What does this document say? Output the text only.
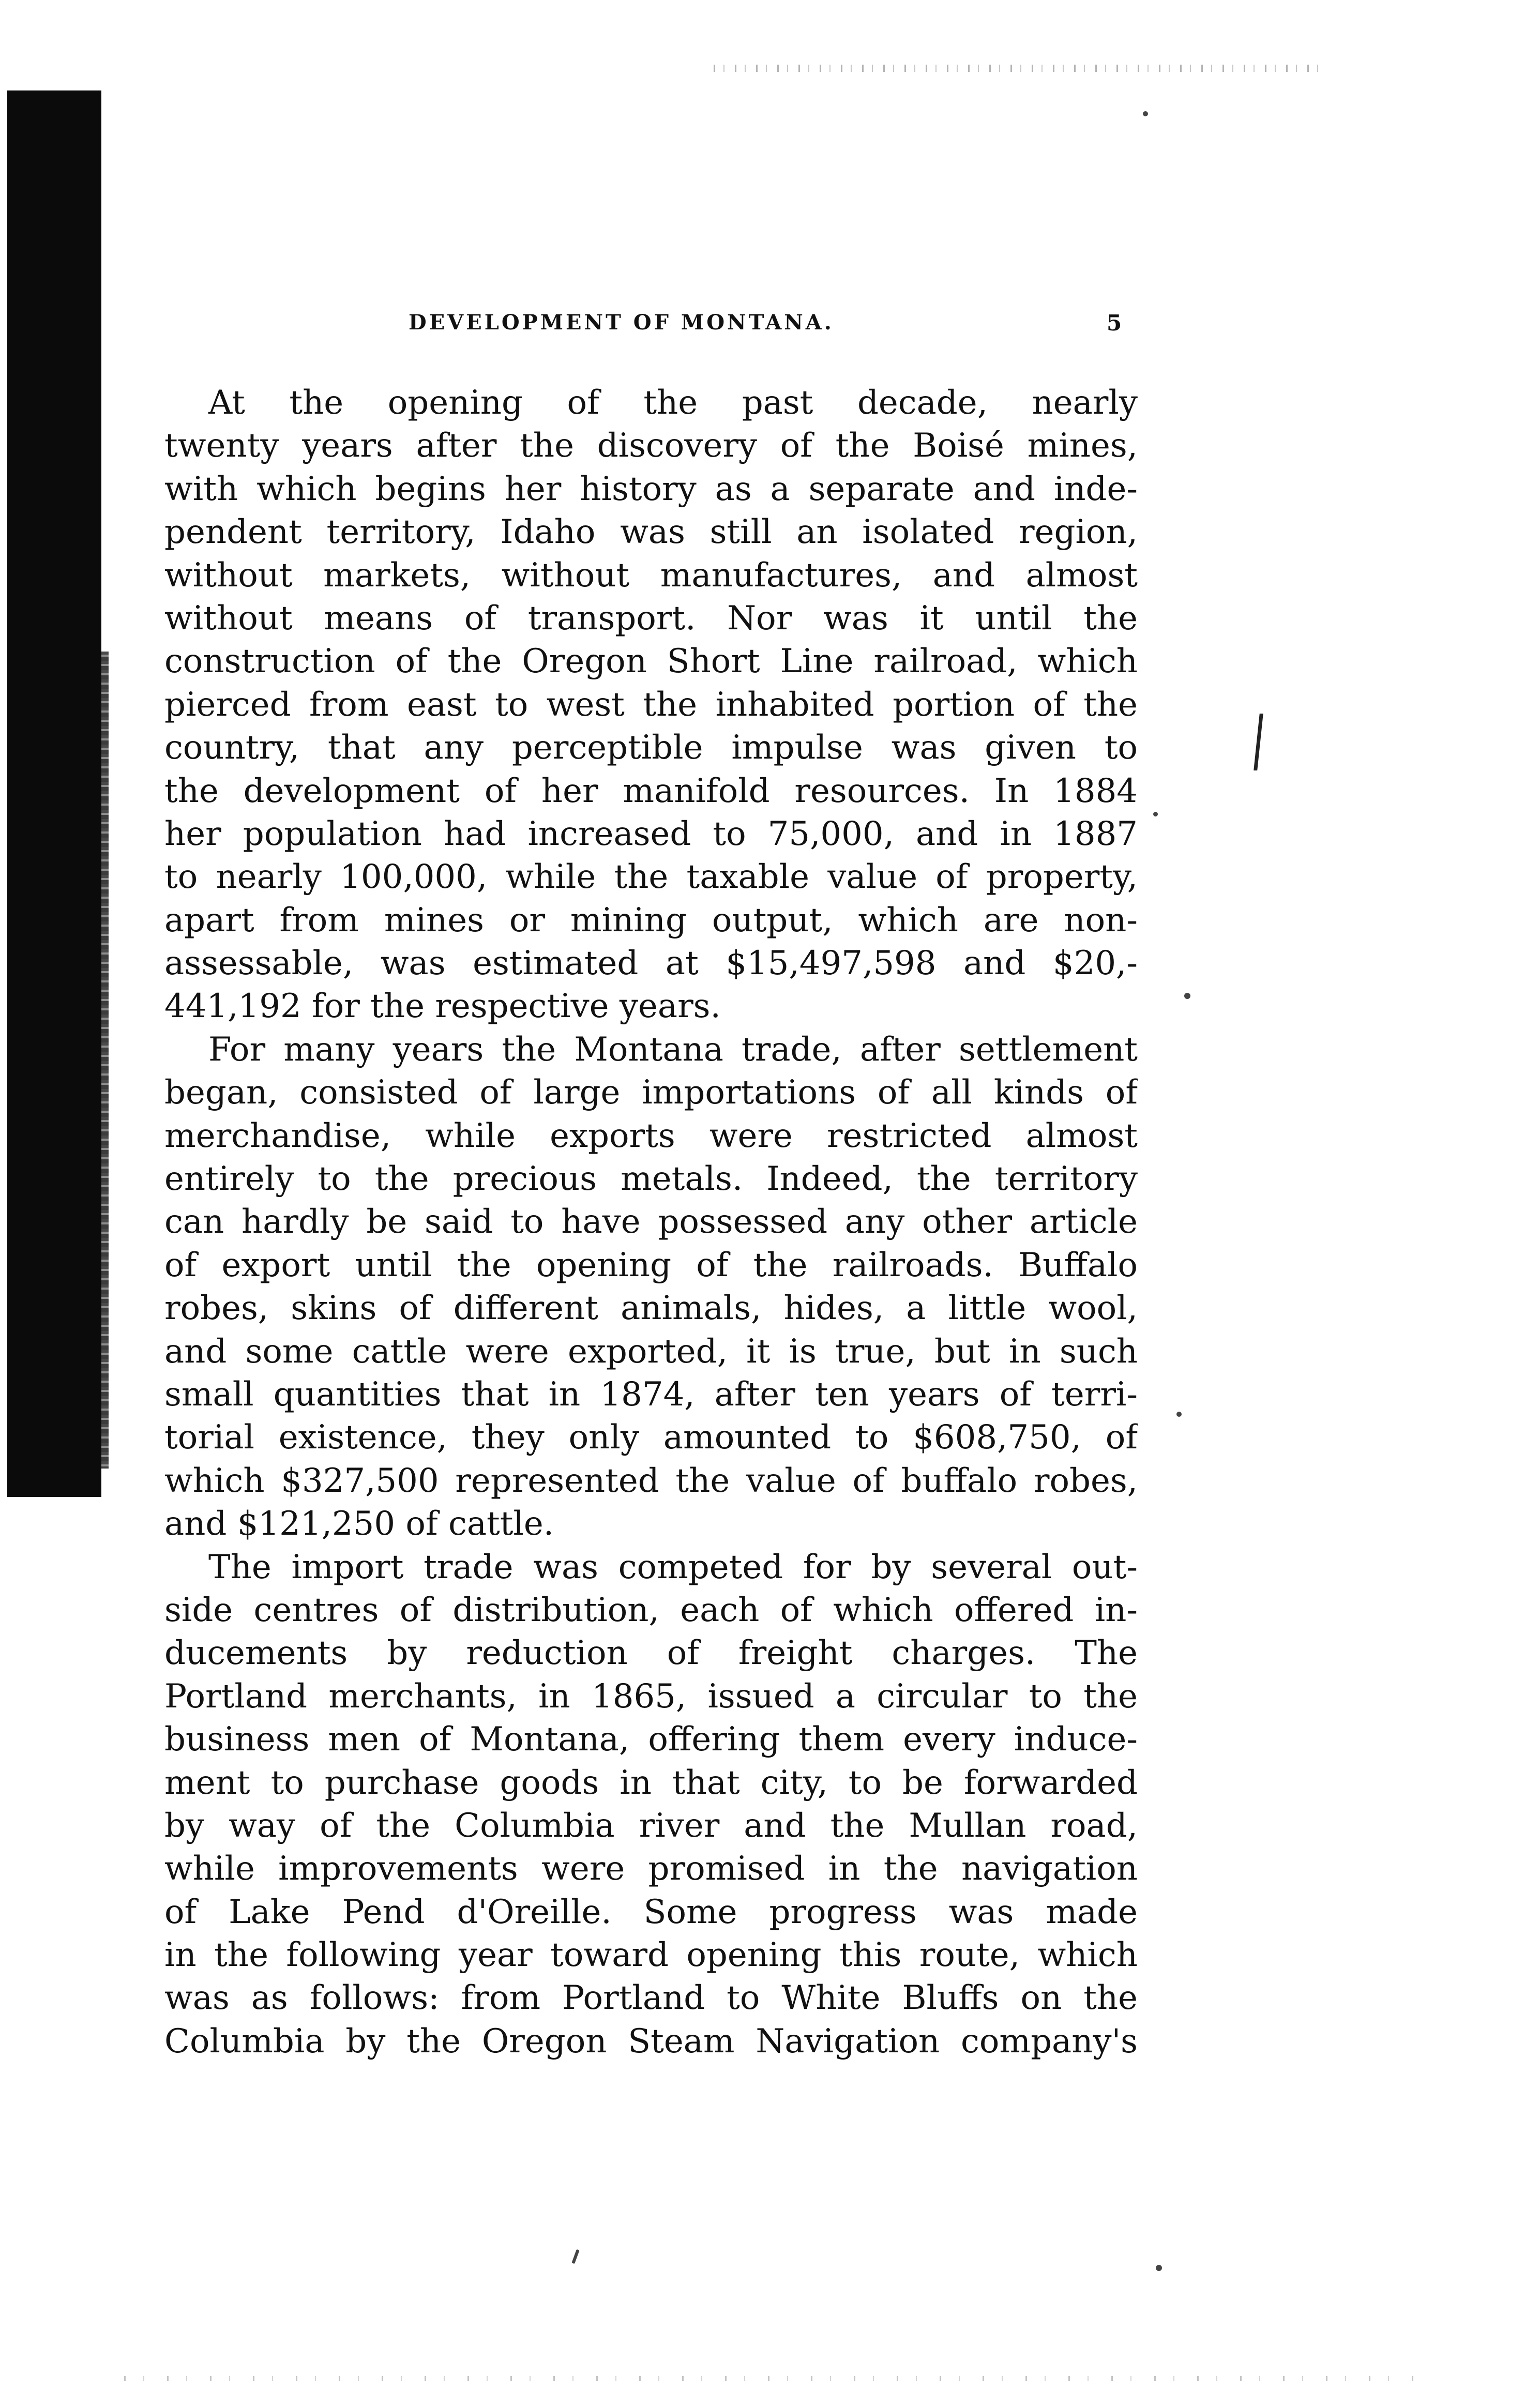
DEVELOPMENT OF MONTANA.	5
At the opening of the past decade, nearly
twenty years after the discovery of the Boisé mines,
with which begins her history as a separate and inde-
pendent territory, Idaho was still an isolated region,
without markets, without manufactures, and almost
without means of transport. Nor was it until the
construction of the Oregon Short Line railroad, which
pierced from east to west the inhabited portion of the
country, that any perceptible impulse was given to
the development of her manifold resources. In 1884
her population had increased to 75,000, and in 1887
to nearly 100,000, while the taxable value of property,
apart from mines or mining output, which are non-
assessable, was estimated at $15,497,598 and $20,-
441,192 for the respective years.
For many years the Montana trade, after settlement
began, consisted of large importations of all kinds of
merchandise, while exports were restricted almost
entirely to the precious metals. Indeed, the territory
can hardly be said to have possessed any other article
of export until the opening of the railroads. Buffalo
robes, skins of different animals, hides, a little wool,
and some cattle were exported, it is true, but in such
small quantities that in 1874, after ten years of terri-
torial existence, they only amounted to $608,750, of
which $327,500 represented the value of buffalo robes,
and $121,250 of cattle.
The import trade was competed for by several out-
side centres of distribution, each of which offered in-
ducements by reduction of freight charges. The
Portland merchants, in 1865, issued a circular to the
business men of Montana, offering them every induce-
ment to purchase goods in that city, to be forwarded
by way of the Columbia river and the Mullan road,
while improvements were promised in the navigation
of Lake Pend d'Oreille. Some progress was made
in the following year toward opening this route, which
was as follows: from Portland to White Bluffs on the
Columbia by the Oregon Steam Navigation company's
